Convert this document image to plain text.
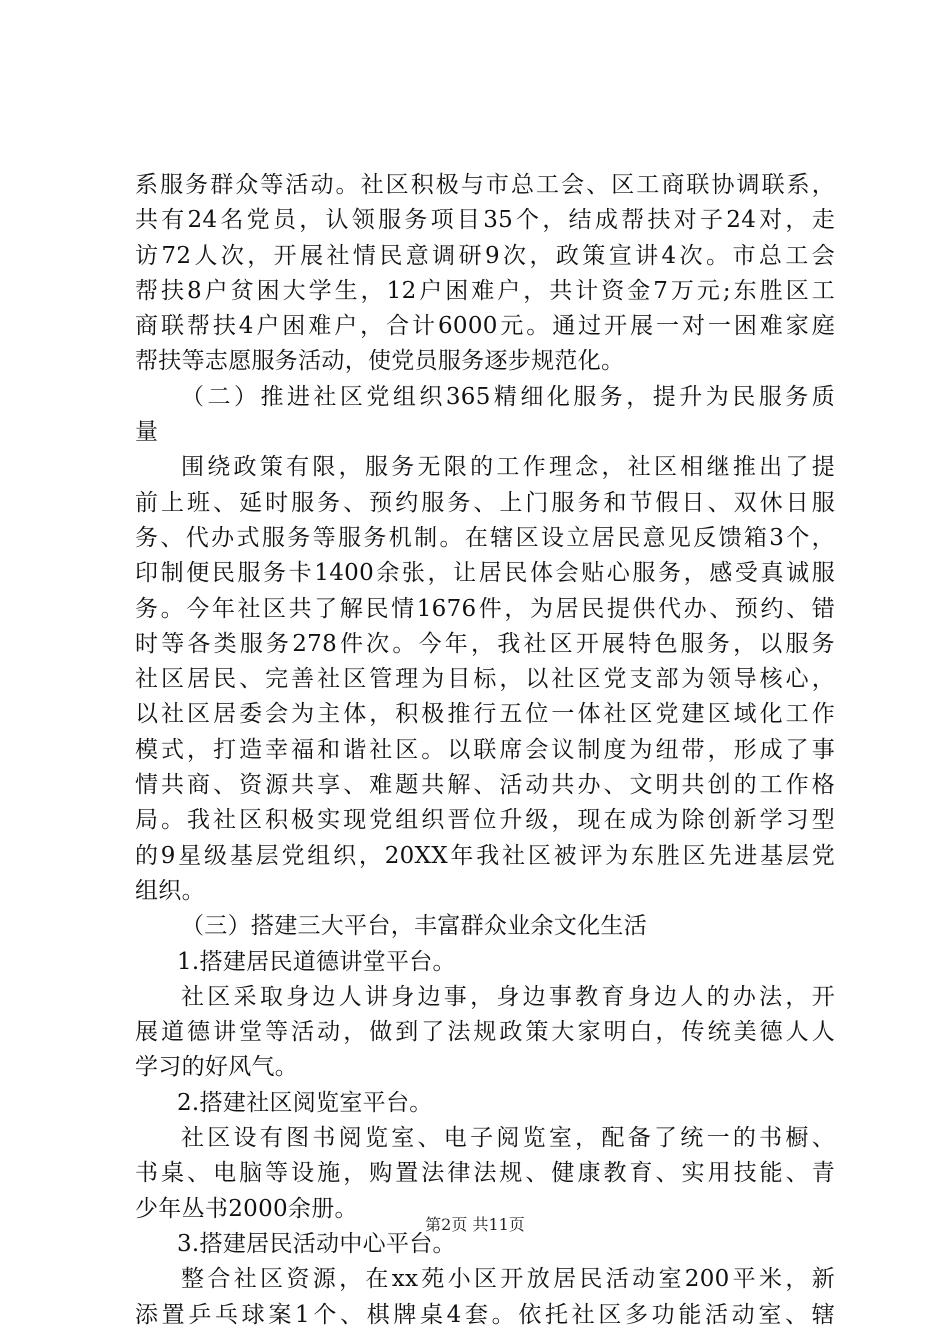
系服务群众等活动。社区积极与市总工会、区工商联协调联系，
共有24名党员，认领服务项目35个，结成帮扶对子24对，走
访72人次，开展社情民意调研9次，政策宣讲4次。市总工会
帮扶8户贫困大学生，12户困难户，共计资金7万元;东胜区工
商联帮扶4户困难户，合计6000元。通过开展一对一困难家庭
帮扶等志愿服务活动，使党员服务逐步规范化。
（二）推进社区党组织365精细化服务，提升为民服务质
量
围绕政策有限，服务无限的工作理念，社区相继推出了提
前上班、延时服务、预约服务、上门服务和节假日、双休日服
务、代办式服务等服务机制。在辖区设立居民意见反馈箱3个，
印制便民服务卡1400余张，让居民体会贴心服务，感受真诚服
务。今年社区共了解民情1676件，为居民提供代办、预约、错
时等各类服务278件次。今年，我社区开展特色服务，以服务
社区居民、完善社区管理为目标，以社区党支部为领导核心，
以社区居委会为主体，积极推行五位一体社区党建区域化工作
模式，打造幸福和谐社区。以联席会议制度为纽带，形成了事
情共商、资源共享、难题共解、活动共办、文明共创的工作格
局。我社区积极实现党组织晋位升级，现在成为除创新学习型
的9星级基层党组织，20XX年我社区被评为东胜区先进基层党
组织。
（三）搭建三大平台，丰富群众业余文化生活
1.搭建居民道德讲堂平台。
社区采取身边人讲身边事，身边事教育身边人的办法，开
展道德讲堂等活动，做到了法规政策大家明白，传统美德人人
学习的好风气。
2.搭建社区阅览室平台。
社区设有图书阅览室、电子阅览室，配备了统一的书橱、
书桌、电脑等设施，购置法律法规、健康教育、实用技能、青
少年丛书2000余册。
3.搭建居民活动中心平台。
整合社区资源，在xx苑小区开放居民活动室200平米，新
添置乒乓球案1个、棋牌桌4套。依托社区多功能活动室、辖
第2页 共11页
